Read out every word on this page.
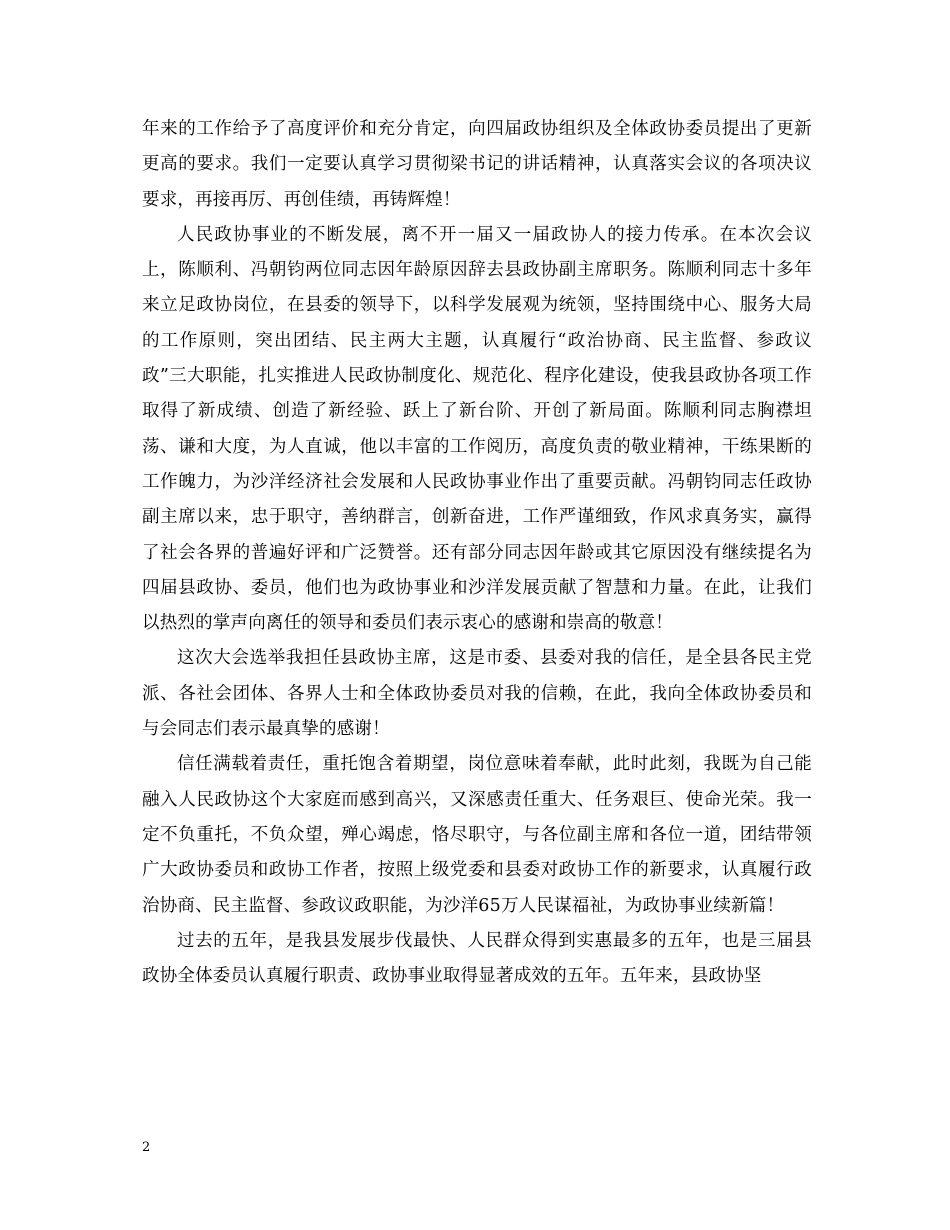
年来的工作给予了高度评价和充分肯定，向四届政协组织及全体政协委员提出了更新更高的要求。我们一定要认真学习贯彻梁书记的讲话精神，认真落实会议的各项决议要求，再接再厉、再创佳绩，再铸辉煌！

人民政协事业的不断发展，离不开一届又一届政协人的接力传承。在本次会议上，陈顺利、冯朝钧两位同志因年龄原因辞去县政协副主席职务。陈顺利同志十多年来立足政协岗位，在县委的领导下，以科学发展观为统领，坚持围绕中心、服务大局的工作原则，突出团结、民主两大主题，认真履行“政治协商、民主监督、参政议政”三大职能，扎实推进人民政协制度化、规范化、程序化建设，使我县政协各项工作取得了新成绩、创造了新经验、跃上了新台阶、开创了新局面。陈顺利同志胸襟坦荡、谦和大度，为人直诚，他以丰富的工作阅历，高度负责的敬业精神，干练果断的工作魄力，为沙洋经济社会发展和人民政协事业作出了重要贡献。冯朝钧同志任政协副主席以来，忠于职守，善纳群言，创新奋进，工作严谨细致，作风求真务实，赢得了社会各界的普遍好评和广泛赞誉。还有部分同志因年龄或其它原因没有继续提名为四届县政协、委员，他们也为政协事业和沙洋发展贡献了智慧和力量。在此，让我们以热烈的掌声向离任的领导和委员们表示衷心的感谢和崇高的敬意！

这次大会选举我担任县政协主席，这是市委、县委对我的信任，是全县各民主党派、各社会团体、各界人士和全体政协委员对我的信赖，在此，我向全体政协委员和与会同志们表示最真挚的感谢！

信任满载着责任，重托饱含着期望，岗位意味着奉献，此时此刻，我既为自己能融入人民政协这个大家庭而感到高兴，又深感责任重大、任务艰巨、使命光荣。我一定不负重托，不负众望，殚心竭虑，恪尽职守，与各位副主席和各位一道，团结带领广大政协委员和政协工作者，按照上级党委和县委对政协工作的新要求，认真履行政治协商、民主监督、参政议政职能，为沙洋65万人民谋福祉，为政协事业续新篇！

过去的五年，是我县发展步伐最快、人民群众得到实惠最多的五年，也是三届县政协全体委员认真履行职责、政协事业取得显著成效的五年。五年来，县政协坚

2
